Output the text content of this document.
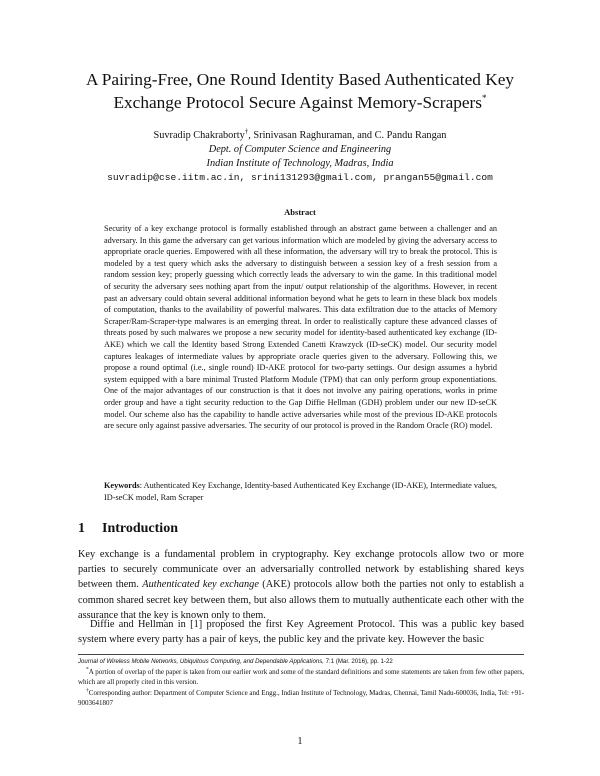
A Pairing-Free, One Round Identity Based Authenticated Key Exchange Protocol Secure Against Memory-Scrapers*
Suvradip Chakraborty†, Srinivasan Raghuraman, and C. Pandu Rangan
Dept. of Computer Science and Engineering
Indian Institute of Technology, Madras, India
suvradip@cse.iitm.ac.in, srini131293@gmail.com, prangan55@gmail.com
Abstract
Security of a key exchange protocol is formally established through an abstract game between a challenger and an adversary. In this game the adversary can get various information which are modeled by giving the adversary access to appropriate oracle queries. Empowered with all these information, the adversary will try to break the protocol. This is modeled by a test query which asks the adversary to distinguish between a session key of a fresh session from a random session key; properly guessing which correctly leads the adversary to win the game. In this traditional model of security the adversary sees nothing apart from the input/ output relationship of the algorithms. However, in recent past an adversary could obtain several additional information beyond what he gets to learn in these black box models of computation, thanks to the availability of powerful malwares. This data exfiltration due to the attacks of Memory Scraper/Ram-Scraper-type malwares is an emerging threat. In order to realistically capture these advanced classes of threats posed by such malwares we propose a new security model for identity-based authenticated key exchange (ID-AKE) which we call the Identity based Strong Extended Canetti Krawzyck (ID-seCK) model. Our security model captures leakages of intermediate values by appropriate oracle queries given to the adversary. Following this, we propose a round optimal (i.e., single round) ID-AKE protocol for two-party settings. Our design assumes a hybrid system equipped with a bare minimal Trusted Platform Module (TPM) that can only perform group exponentiations. One of the major advantages of our construction is that it does not involve any pairing operations, works in prime order group and have a tight security reduction to the Gap Diffie Hellman (GDH) problem under our new ID-seCK model. Our scheme also has the capability to handle active adversaries while most of the previous ID-AKE protocols are secure only against passive adversaries. The security of our protocol is proved in the Random Oracle (RO) model.
Keywords: Authenticated Key Exchange, Identity-based Authenticated Key Exchange (ID-AKE), Intermediate values, ID-seCK model, Ram Scraper
1 Introduction
Key exchange is a fundamental problem in cryptography. Key exchange protocols allow two or more parties to securely communicate over an adversarially controlled network by establishing shared keys between them. Authenticated key exchange (AKE) protocols allow both the parties not only to establish a common shared secret key between them, but also allows them to mutually authenticate each other with the assurance that the key is known only to them.
Diffie and Hellman in [1] proposed the first Key Agreement Protocol. This was a public key based system where every party has a pair of keys, the public key and the private key. However the basic
Journal of Wireless Mobile Networks, Ubiquitous Computing, and Dependable Applications, 7:1 (Mar. 2016), pp. 1-22
*A portion of overlap of the paper is taken from our earlier work and some of the standard definitions and some statements are taken from few other papers, which are all properly cited in this version.
†Corresponding author: Department of Computer Science and Engg., Indian Institute of Technology, Madras, Chennai, Tamil Nadu-600036, India, Tel: +91-9003641807
1
